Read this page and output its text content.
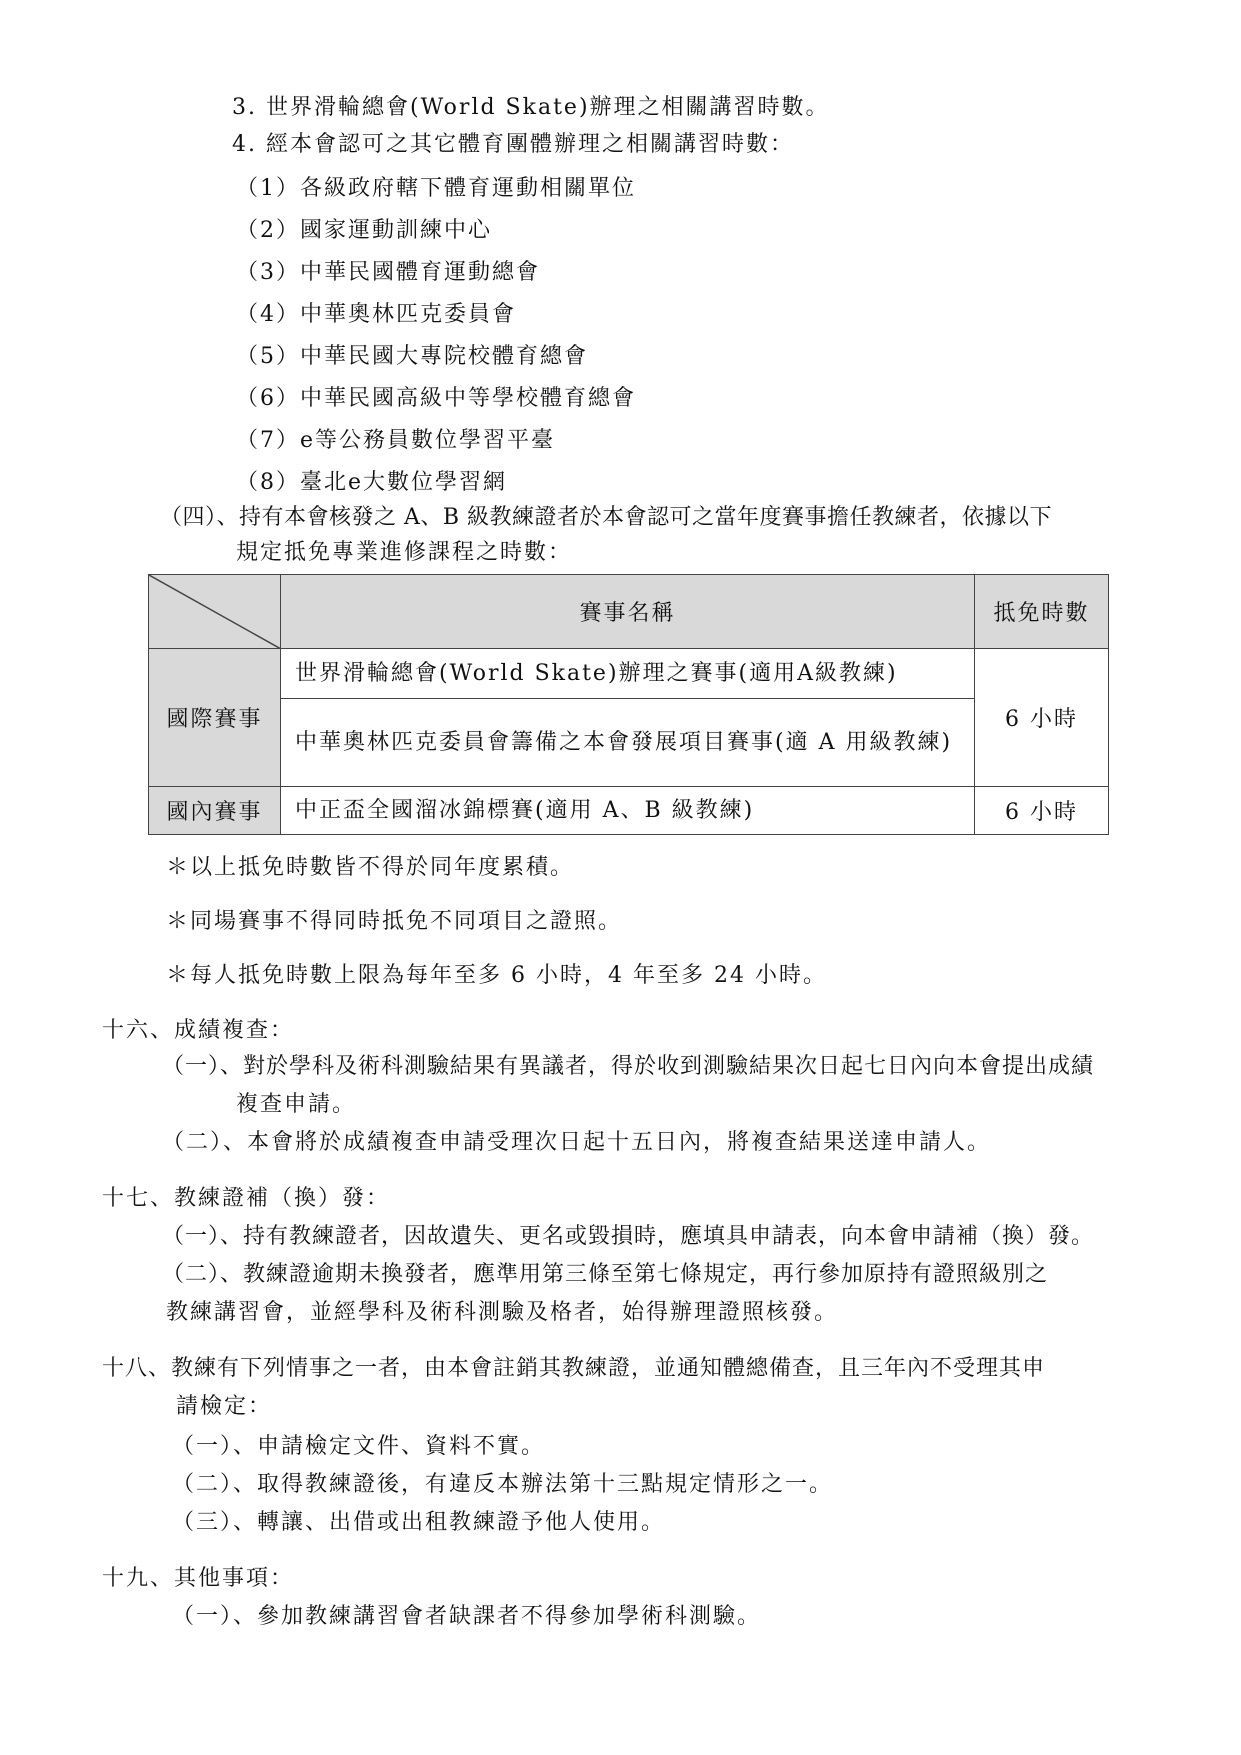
3. 世界滑輪總會(World Skate)辦理之相關講習時數。

4. 經本會認可之其它體育團體辦理之相關講習時數：

（1）各級政府轄下體育運動相關單位

（2）國家運動訓練中心

（3）中華民國體育運動總會

（4）中華奧林匹克委員會

（5）中華民國大專院校體育總會

（6）中華民國高級中等學校體育總會

（7）e等公務員數位學習平臺

（8）臺北e大數位學習網

（四）、持有本會核發之 A、B 級教練證者於本會認可之當年度賽事擔任教練者，依據以下

規定抵免專業進修課程之時數：

	賽事名稱	抵免時數
國際賽事	世界滑輪總會(World Skate)辦理之賽事(適用A級教練)	6 小時
	中華奧林匹克委員會籌備之本會發展項目賽事(適 A 用級教練)	
國內賽事	中正盃全國溜冰錦標賽(適用 A、B 級教練)	6 小時

＊以上抵免時數皆不得於同年度累積。

＊同場賽事不得同時抵免不同項目之證照。

＊每人抵免時數上限為每年至多 6 小時，4 年至多 24 小時。

十六、成績複查：

（一）、對於學科及術科測驗結果有異議者，得於收到測驗結果次日起七日內向本會提出成績

複查申請。

（二）、本會將於成績複查申請受理次日起十五日內，將複查結果送達申請人。

十七、教練證補（換）發：

（一）、持有教練證者，因故遺失、更名或毀損時，應填具申請表，向本會申請補（換）發。

（二）、教練證逾期未換發者，應準用第三條至第七條規定，再行參加原持有證照級別之

教練講習會，並經學科及術科測驗及格者，始得辦理證照核發。

十八、教練有下列情事之一者，由本會註銷其教練證，並通知體總備查，且三年內不受理其申

請檢定：

（一）、申請檢定文件、資料不實。

（二）、取得教練證後，有違反本辦法第十三點規定情形之一。

（三）、轉讓、出借或出租教練證予他人使用。

十九、其他事項：

（一）、參加教練講習會者缺課者不得參加學術科測驗。
